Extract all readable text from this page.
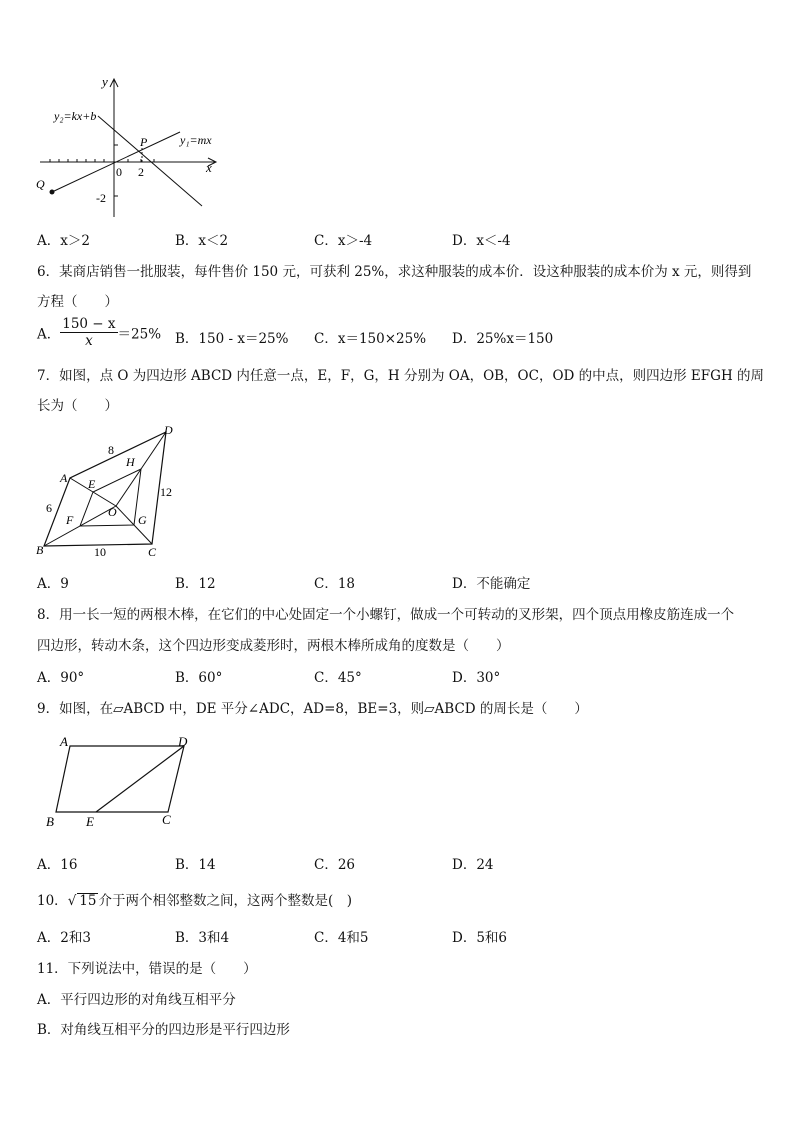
y
x
y₂=kx+b
y₁=mx
P
Q
0 2
-2
A．x＞2	B．x＜2	C．x＞-4	D．x＜-4
6．某商店销售一批服装，每件售价 150 元，可获利 25%，求这种服装的成本价．设这种服装的成本价为 x 元，则得到
方程（　　）
A． $\frac{150 - x}{x} =25\%$ B．150 - x＝25% C．x＝150×25% D．25%x＝150
7．如图，点 O 为四边形 ABCD 内任意一点，E，F，G，H 分别为 OA，OB，OC，OD 的中点，则四边形 EFGH 的周
长为（　　）
A
B	C
D
E
F	G
H
O
8
6
10
12
A．9	B．12	C．18	D．不能确定
8．用一长一短的两根木棒，在它们的中心处固定一个小螺钉，做成一个可转动的叉形架，四个顶点用橡皮筋连成一个
四边形，转动木条，这个四边形变成菱形时，两根木棒所成角的度数是（　　）
A．90°	B．60°	C．45°	D．30°
9．如图，在▱ABCD 中，DE 平分∠ADC，AD=8，BE=3，则▱ABCD 的周长是（　　）
A	D
B E	C
A．16	B．14	C．26	D．24
10．√ 15 介于两个相邻整数之间，这两个整数是(　)
A．2和3	B．3和4	C．4和5	D．5和6
11．下列说法中，错误的是（　　）
A．平行四边形的对角线互相平分
B．对角线互相平分的四边形是平行四边形
